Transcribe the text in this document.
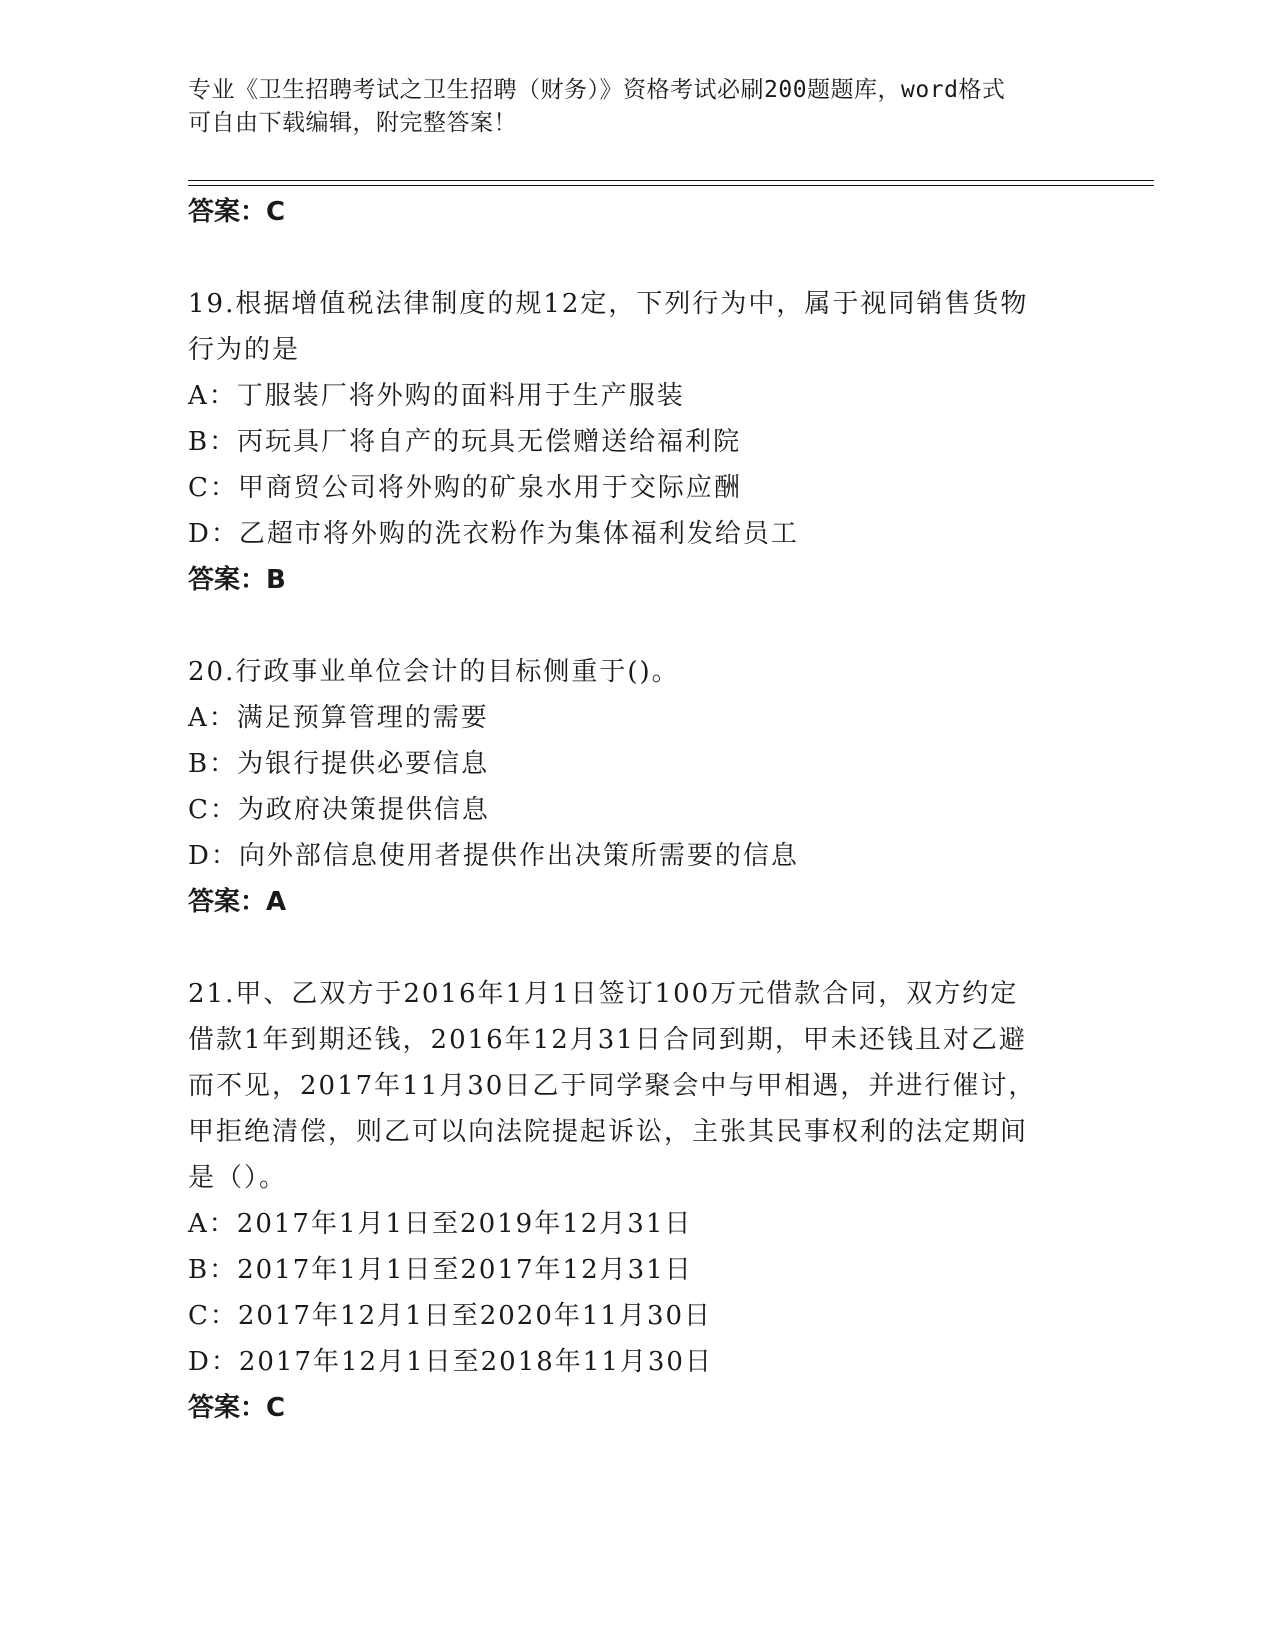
专业《卫生招聘考试之卫生招聘（财务）》资格考试必刷200题题库，word格式
可自由下载编辑，附完整答案！
答案：C
19.根据增值税法律制度的规12定，下列行为中，属于视同销售货物
行为的是
A：丁服装厂将外购的面料用于生产服装
B：丙玩具厂将自产的玩具无偿赠送给福利院
C：甲商贸公司将外购的矿泉水用于交际应酬
D：乙超市将外购的洗衣粉作为集体福利发给员工
答案：B
20.行政事业单位会计的目标侧重于()。
A：满足预算管理的需要
B：为银行提供必要信息
C：为政府决策提供信息
D：向外部信息使用者提供作出决策所需要的信息
答案：A
21.甲、乙双方于2016年1月1日签订100万元借款合同，双方约定
借款1年到期还钱，2016年12月31日合同到期，甲未还钱且对乙避
而不见，2017年11月30日乙于同学聚会中与甲相遇，并进行催讨，
甲拒绝清偿，则乙可以向法院提起诉讼，主张其民事权利的法定期间
是（）。
A：2017年1月1日至2019年12月31日
B：2017年1月1日至2017年12月31日
C：2017年12月1日至2020年11月30日
D：2017年12月1日至2018年11月30日
答案：C
